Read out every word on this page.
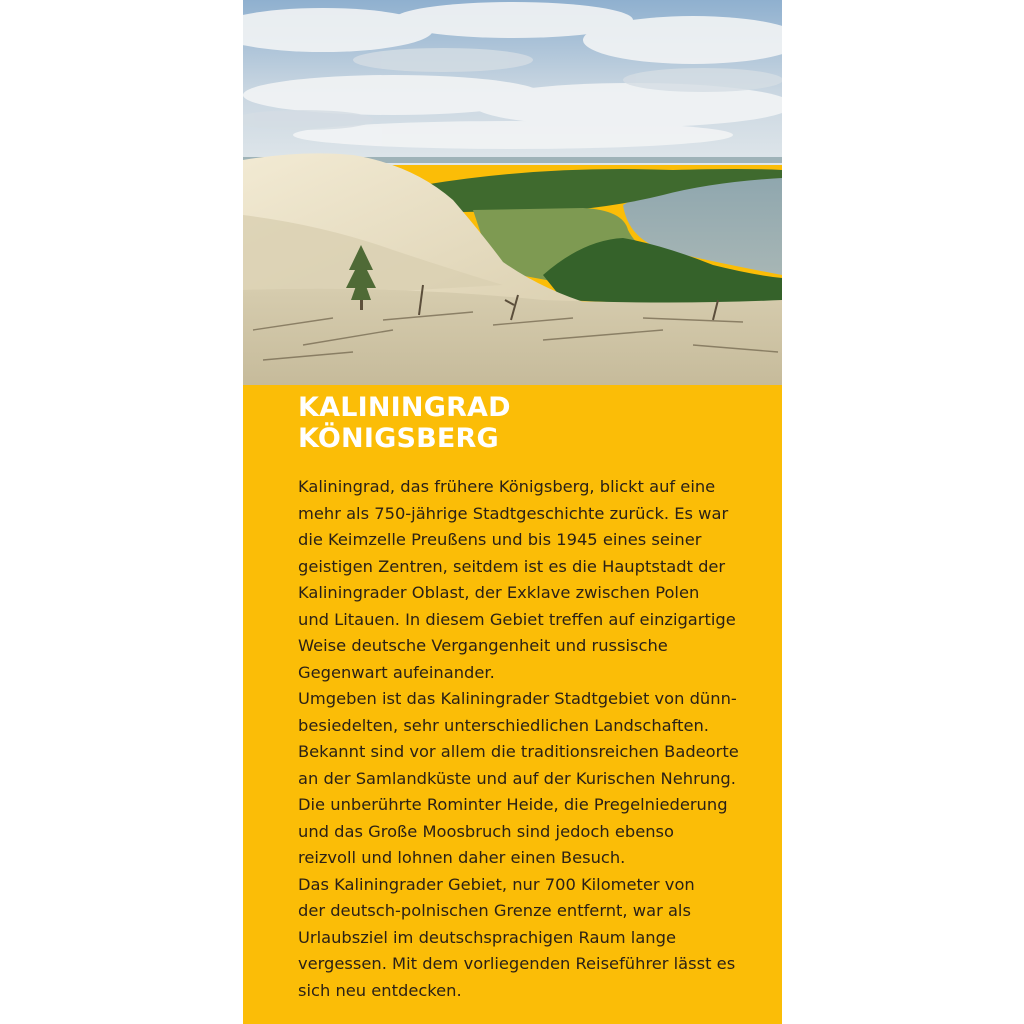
KALININGRAD
KÖNIGSBERG
Kaliningrad, das frühere Königsberg, blickt auf eine
mehr als 750-jährige Stadtgeschichte zurück. Es war
die Keimzelle Preußens und bis 1945 eines seiner
geistigen Zentren, seitdem ist es die Hauptstadt der
Kaliningrader Oblast, der Exklave zwischen Polen
und Litauen. In diesem Gebiet treffen auf einzigartige
Weise deutsche Vergangenheit und russische
Gegenwart aufeinander.
Umgeben ist das Kaliningrader Stadtgebiet von dünn-
besiedelten, sehr unterschiedlichen Landschaften.
Bekannt sind vor allem die traditionsreichen Badeorte
an der Samlandküste und auf der Kurischen Nehrung.
Die unberührte Rominter Heide, die Pregelniederung
und das Große Moosbruch sind jedoch ebenso
reizvoll und lohnen daher einen Besuch.
Das Kaliningrader Gebiet, nur 700 Kilometer von
der deutsch-polnischen Grenze entfernt, war als
Urlaubsziel im deutschsprachigen Raum lange
vergessen. Mit dem vorliegenden Reiseführer lässt es
sich neu entdecken.
